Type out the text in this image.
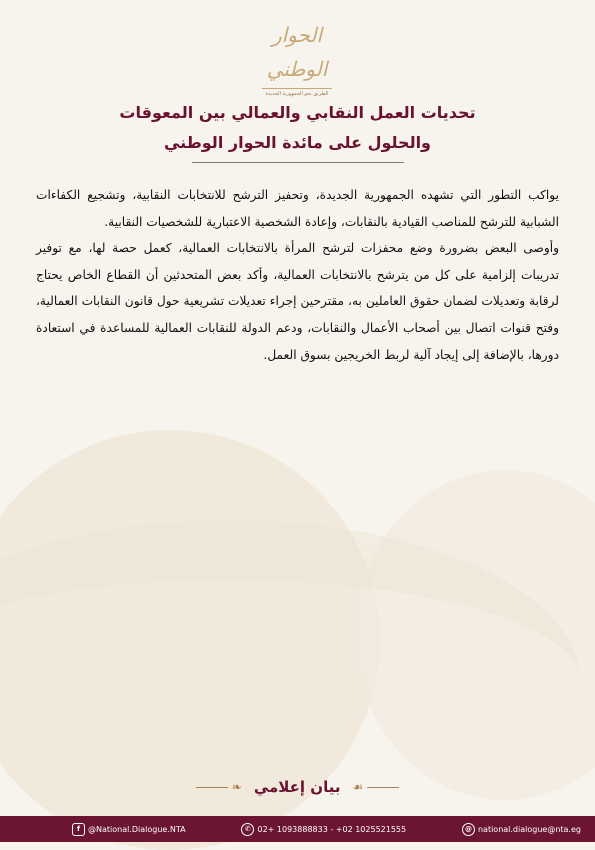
الحوار الوطني
الطريق نحو الجمهورية الجديدة
تحديات العمل النقابي والعمالي بين المعوقات
والحلول على مائدة الحوار الوطني

يواكب التطور التي تشهده الجمهورية الجديدة، وتحفيز الترشح للانتخابات النقابية، وتشجيع الكفاءات الشبابية للترشح للمناصب القيادية بالنقابات، وإعادة الشخصية الاعتبارية للشخصيات النقابية.

وأوصى البعض بضرورة وضع محفزات لترشح المرأة بالانتخابات العمالية، كعمل حصة لها، مع توفير تدريبات إلزامية على كل من يترشح بالانتخابات العمالية، وأكد بعض المتحدثين أن القطاع الخاص يحتاج لرقابة وتعديلات لضمان حقوق العاملين به، مقترحين إجراء تعديلات تشريعية حول قانون النقابات العمالية، وفتح قنوات اتصال بين أصحاب الأعمال والنقابات، ودعم الدولة للنقابات العمالية للمساعدة في استعادة دورها، بالإضافة إلى إيجاد آلية لربط الخريجين بسوق العمل.

❧ بيان إعلامي ☙
f @National.Dialogue.NTA	✆ 02+ 1093888833 - +02 1025521555	@ national.dialogue@nta.eg
